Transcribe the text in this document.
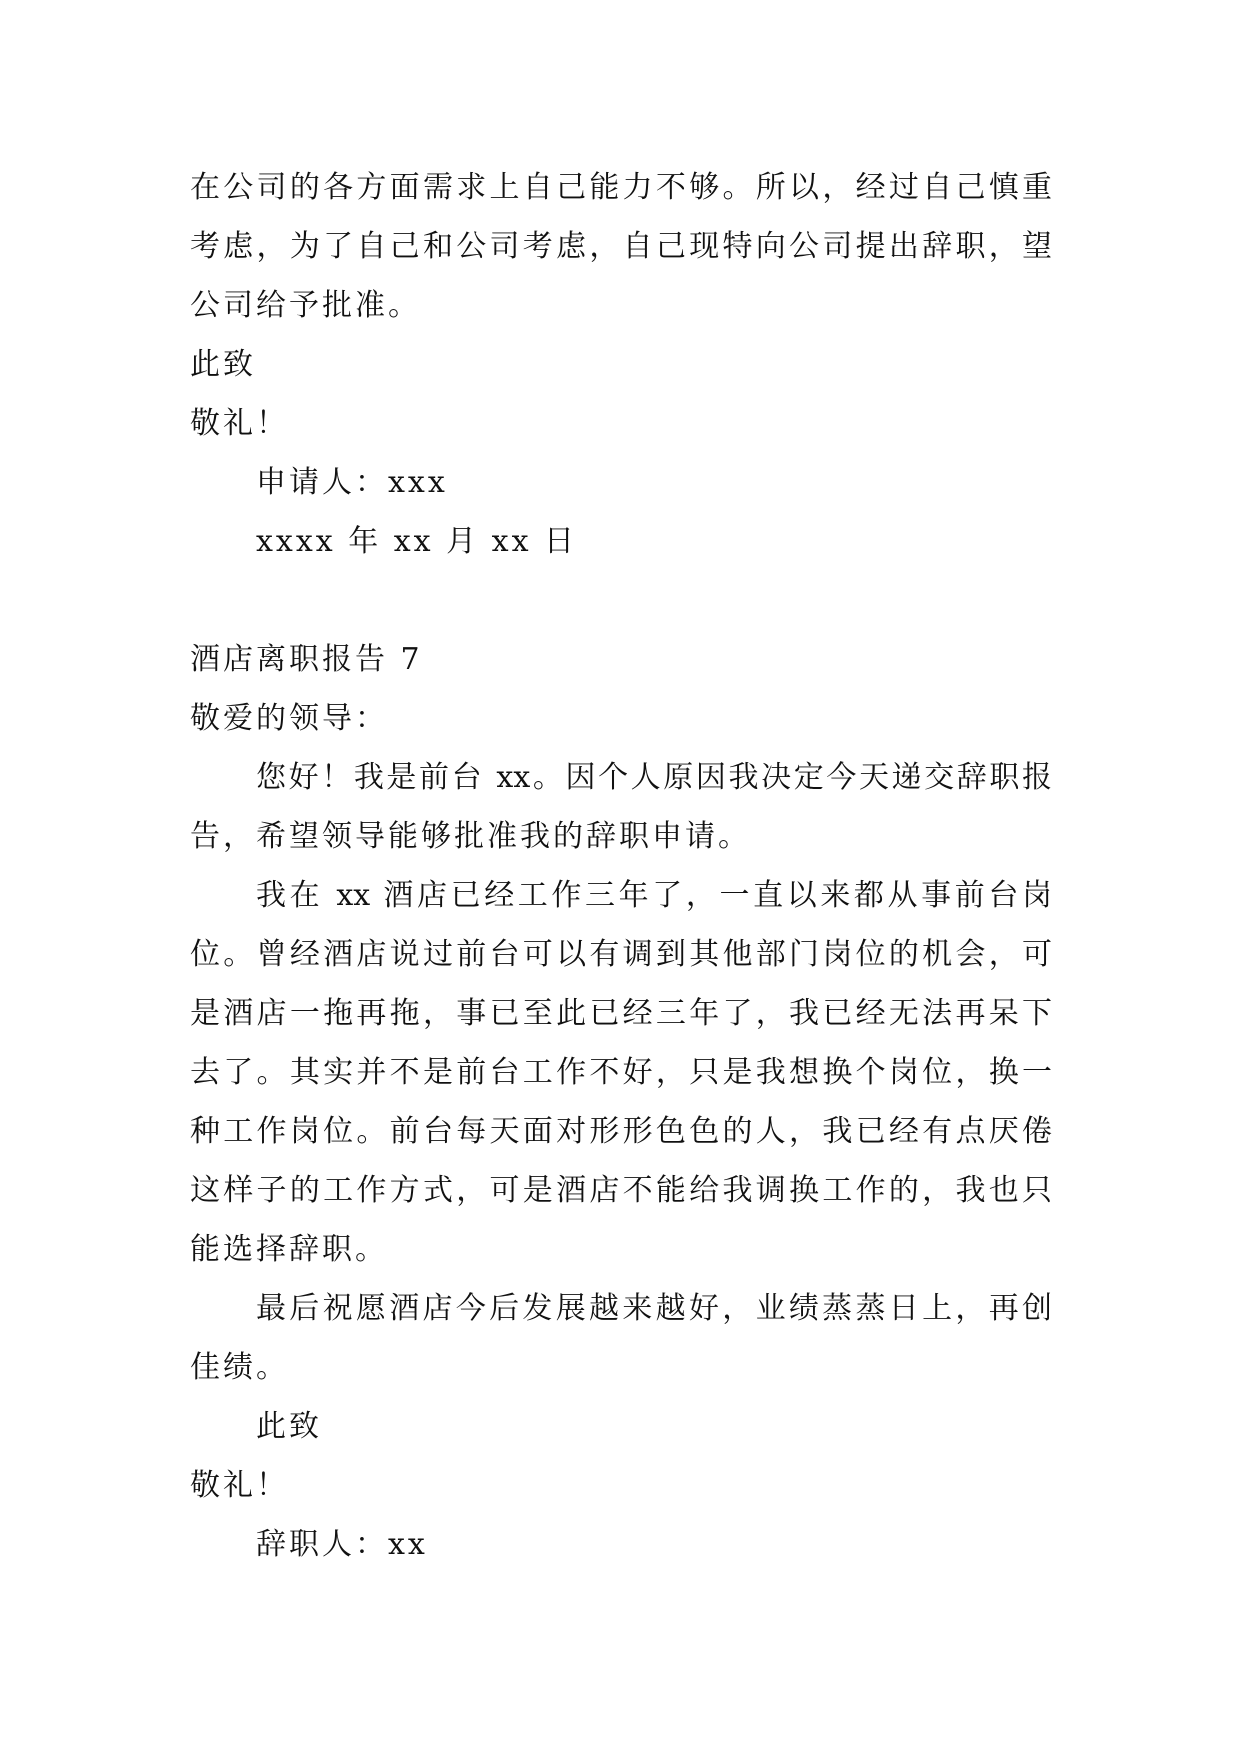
在公司的各方面需求上自己能力不够。所以，经过自己慎重

考虑，为了自己和公司考虑，自己现特向公司提出辞职，望

公司给予批准。

此致

敬礼！

申请人：xxx

xxxx 年 xx 月 xx 日

酒店离职报告 7

敬爱的领导：

您好！我是前台 xx。因个人原因我决定今天递交辞职报

告，希望领导能够批准我的辞职申请。

我在 xx 酒店已经工作三年了，一直以来都从事前台岗

位。曾经酒店说过前台可以有调到其他部门岗位的机会，可

是酒店一拖再拖，事已至此已经三年了，我已经无法再呆下

去了。其实并不是前台工作不好，只是我想换个岗位，换一

种工作岗位。前台每天面对形形色色的人，我已经有点厌倦

这样子的工作方式，可是酒店不能给我调换工作的，我也只

能选择辞职。

最后祝愿酒店今后发展越来越好，业绩蒸蒸日上，再创

佳绩。

此致

敬礼！

辞职人：xx
